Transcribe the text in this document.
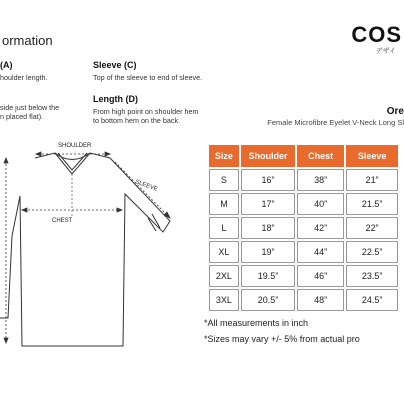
ormation	COS
デザイ
(A)
houlder length.
side just below the
n placed flat).
Sleeve (C)
Top of the sleeve to end of sleeve.
Length (D)
From high point on shoulder hem
to bottom hem on the back.
Ore
Female Microfibre Eyelet V-Neck Long Sl
SHOULDER
SLEEVE
CHEST
Size	Shoulder	Chest	Sleeve
S	16”	38”	21”
M	17”	40”	21.5”
L	18”	42”	22”
XL	19”	44”	22.5”
2XL	19.5”	46”	23.5”
3XL	20.5”	48”	24.5”
*All measurements in inch
*Sizes may vary +/- 5% from actual pro
